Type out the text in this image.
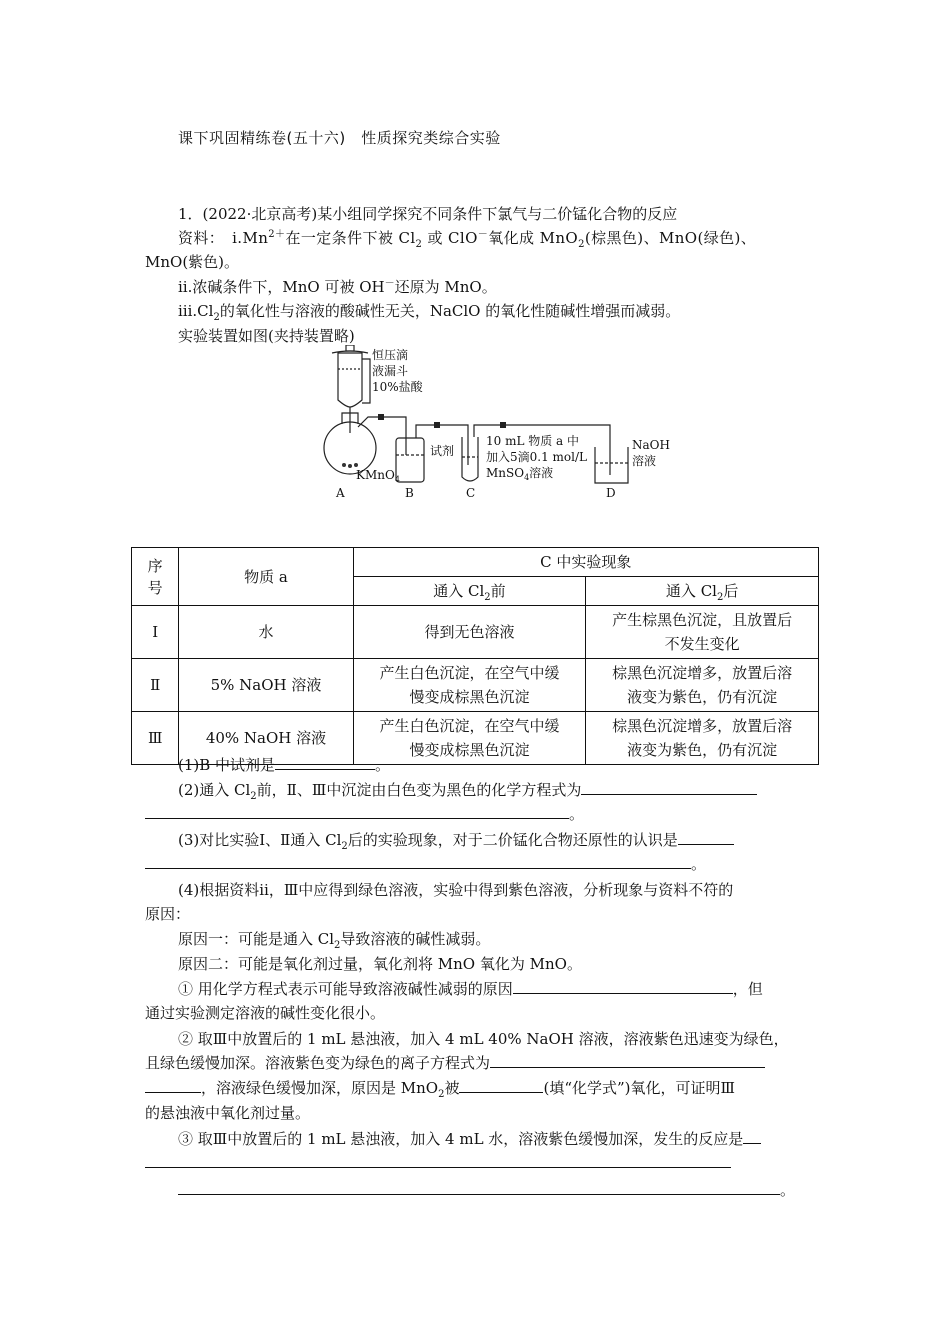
课下巩固精练卷(五十六)　性质探究类综合实验
1．(2022·北京高考)某小组同学探究不同条件下氯气与二价锰化合物的反应
资料：　 $ⅰ.Mn^{2+}$在一定条件下被 $Cl_2$ 或 ClO－氧化成 MnO$_2$(棕黑色)、MnO(绿色)、
MnO(紫色)。
ⅱ.浓碱条件下，MnO 可被 OH－还原为 MnO。
$ⅲ.Cl_2$的氧化性与溶液的酸碱性无关，NaClO 的氧化性随碱性增强而减弱。
实验装置如图(夹持装置略)
恒压滴
液漏斗
10%盐酸
KMnO$_4$
试剂
10 mL 物质 a 中
加入5滴0.1 mol/L
MnSO$_4$溶液
NaOH
溶液
A	B	C	D
序
号	物质 a	C 中实验现象	
		通入 $Cl_2$前	通入 $Cl_2$后
Ⅰ	水	得到无色溶液	产生棕黑色沉淀，且放置后
不发生变化
Ⅱ	5% NaOH 溶液	产生白色沉淀，在空气中缓
慢变成棕黑色沉淀	棕黑色沉淀增多，放置后溶
液变为紫色，仍有沉淀
Ⅲ	40% NaOH 溶液	产生白色沉淀，在空气中缓
慢变成棕黑色沉淀	棕黑色沉淀增多，放置后溶
液变为紫色，仍有沉淀
(1)B 中试剂是	。
(2)通入 $Cl_2$前，Ⅱ、Ⅲ中沉淀由白色变为黑色的化学方程式为
。
(3)对比实验Ⅰ、Ⅱ通入 $Cl_2$后的实验现象，对于二价锰化合物还原性的认识是
。
(4)根据资料ⅱ，Ⅲ中应得到绿色溶液，实验中得到紫色溶液，分析现象与资料不符的
原因：
原因一：可能是通入 $Cl_2$导致溶液的碱性减弱。
原因二：可能是氧化剂过量，氧化剂将 MnO 氧化为 MnO。
① 用化学方程式表示可能导致溶液碱性减弱的原因	，但
通过实验测定溶液的碱性变化很小。
② 取Ⅲ中放置后的 1 mL 悬浊液，加入 4 mL 40% NaOH 溶液，溶液紫色迅速变为绿色，
且绿色缓慢加深。溶液紫色变为绿色的离子方程式为
，溶液绿色缓慢加深，原因是 MnO$_2$被	(填“化学式”)氧化，可证明Ⅲ
的悬浊液中氧化剂过量。
③ 取Ⅲ中放置后的 1 mL 悬浊液，加入 4 mL 水，溶液紫色缓慢加深，发生的反应是
。
